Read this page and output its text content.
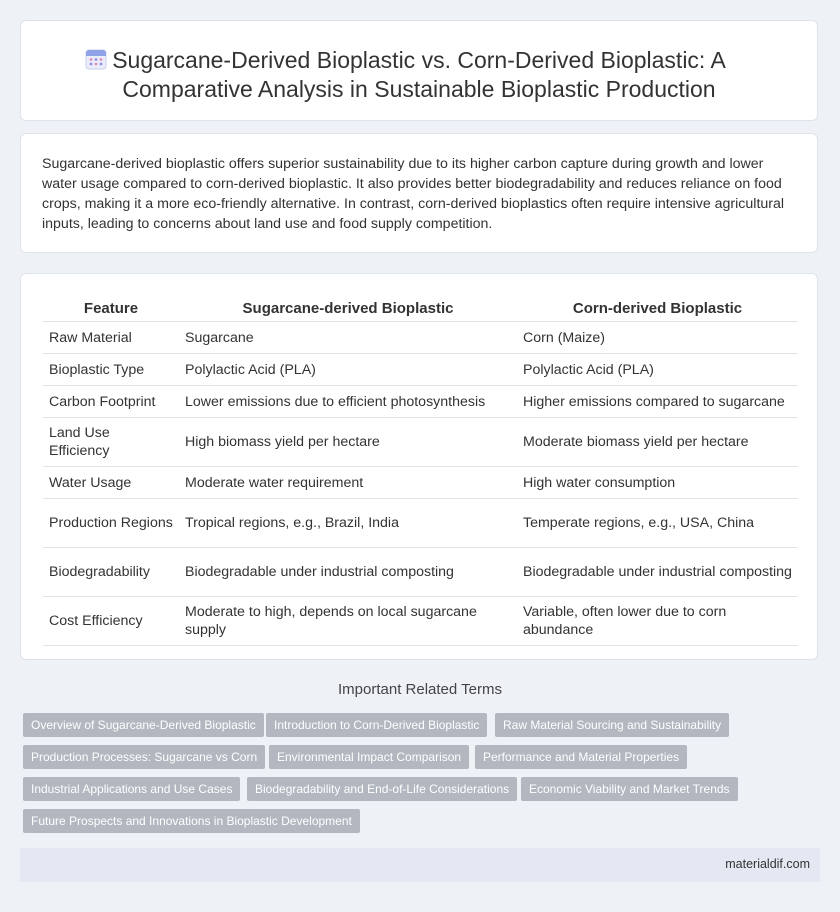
Sugarcane-Derived Bioplastic vs. Corn-Derived Bioplastic: A Comparative Analysis in Sustainable Bioplastic Production

Sugarcane-derived bioplastic offers superior sustainability due to its higher carbon capture during growth and lower water usage compared to corn-derived bioplastic. It also provides better biodegradability and reduces reliance on food crops, making it a more eco-friendly alternative. In contrast, corn-derived bioplastics often require intensive agricultural inputs, leading to concerns about land use and food supply competition.

Feature	Sugarcane-derived Bioplastic	Corn-derived Bioplastic
Raw Material	Sugarcane	Corn (Maize)
Bioplastic Type	Polylactic Acid (PLA)	Polylactic Acid (PLA)
Carbon Footprint	Lower emissions due to efficient photosynthesis	Higher emissions compared to sugarcane
Land Use Efficiency	High biomass yield per hectare	Moderate biomass yield per hectare
Water Usage	Moderate water requirement	High water consumption
Production Regions	Tropical regions, e.g., Brazil, India	Temperate regions, e.g., USA, China
Biodegradability	Biodegradable under industrial composting	Biodegradable under industrial composting
Cost Efficiency	Moderate to high, depends on local sugarcane supply	Variable, often lower due to corn abundance
Important Related Terms
Overview of Sugarcane-Derived Bioplastic	Introduction to Corn-Derived Bioplastic	Raw Material Sourcing and Sustainability
Production Processes: Sugarcane vs Corn	Environmental Impact Comparison	Performance and Material Properties
Industrial Applications and Use Cases	Biodegradability and End-of-Life Considerations	Economic Viability and Market Trends
Future Prospects and Innovations in Bioplastic Development
materialdif.com
